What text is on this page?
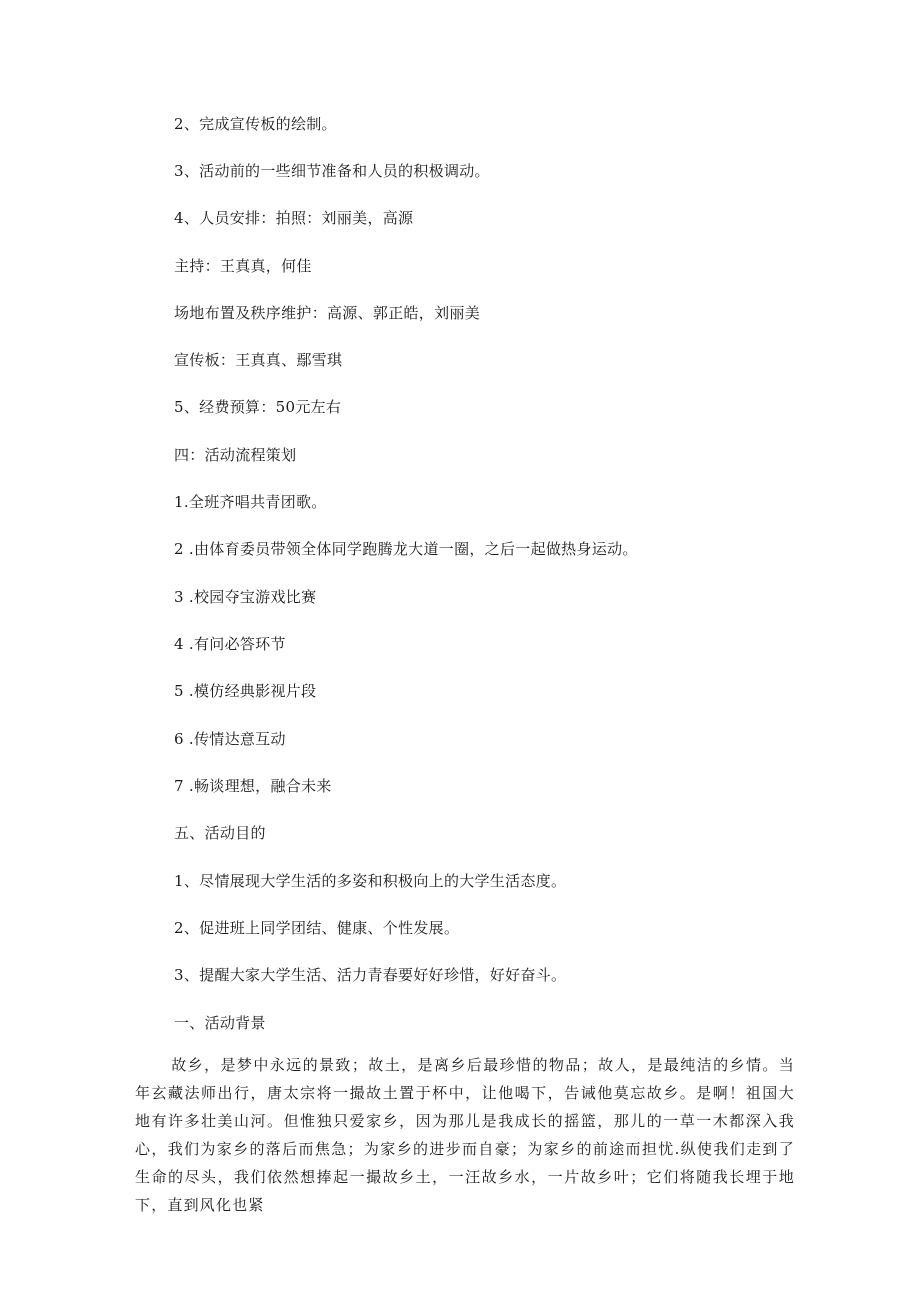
2、完成宣传板的绘制。
3、活动前的一些细节准备和人员的积极调动。
4、人员安排：拍照：刘丽美，高源
主持：王真真，何佳
场地布置及秩序维护：高源、郭正皓，刘丽美
宣传板：王真真、鄢雪琪
5、经费预算：50元左右
四：活动流程策划
1.全班齐唱共青团歌。
2 .由体育委员带领全体同学跑腾龙大道一圈，之后一起做热身运动。
3 .校园夺宝游戏比赛
4 .有问必答环节
5 .模仿经典影视片段
6 .传情达意互动
7 .畅谈理想，融合未来
五、活动目的
1、尽情展现大学生活的多姿和积极向上的大学生活态度。
2、促进班上同学团结、健康、个性发展。
3、提醒大家大学生活、活力青春要好好珍惜，好好奋斗。
一、活动背景
故乡，是梦中永远的景致；故土，是离乡后最珍惜的物品；故人，是最纯洁的乡情。当年玄藏法师出行，唐太宗将一撮故土置于杯中，让他喝下，告诫他莫忘故乡。是啊！祖国大地有许多壮美山河。但惟独只爱家乡，因为那儿是我成长的摇篮，那儿的一草一木都深入我心，我们为家乡的落后而焦急；为家乡的进步而自豪；为家乡的前途而担忧.纵使我们走到了生命的尽头，我们依然想捧起一撮故乡土，一汪故乡水，一片故乡叶；它们将随我长埋于地下，直到风化也紧
